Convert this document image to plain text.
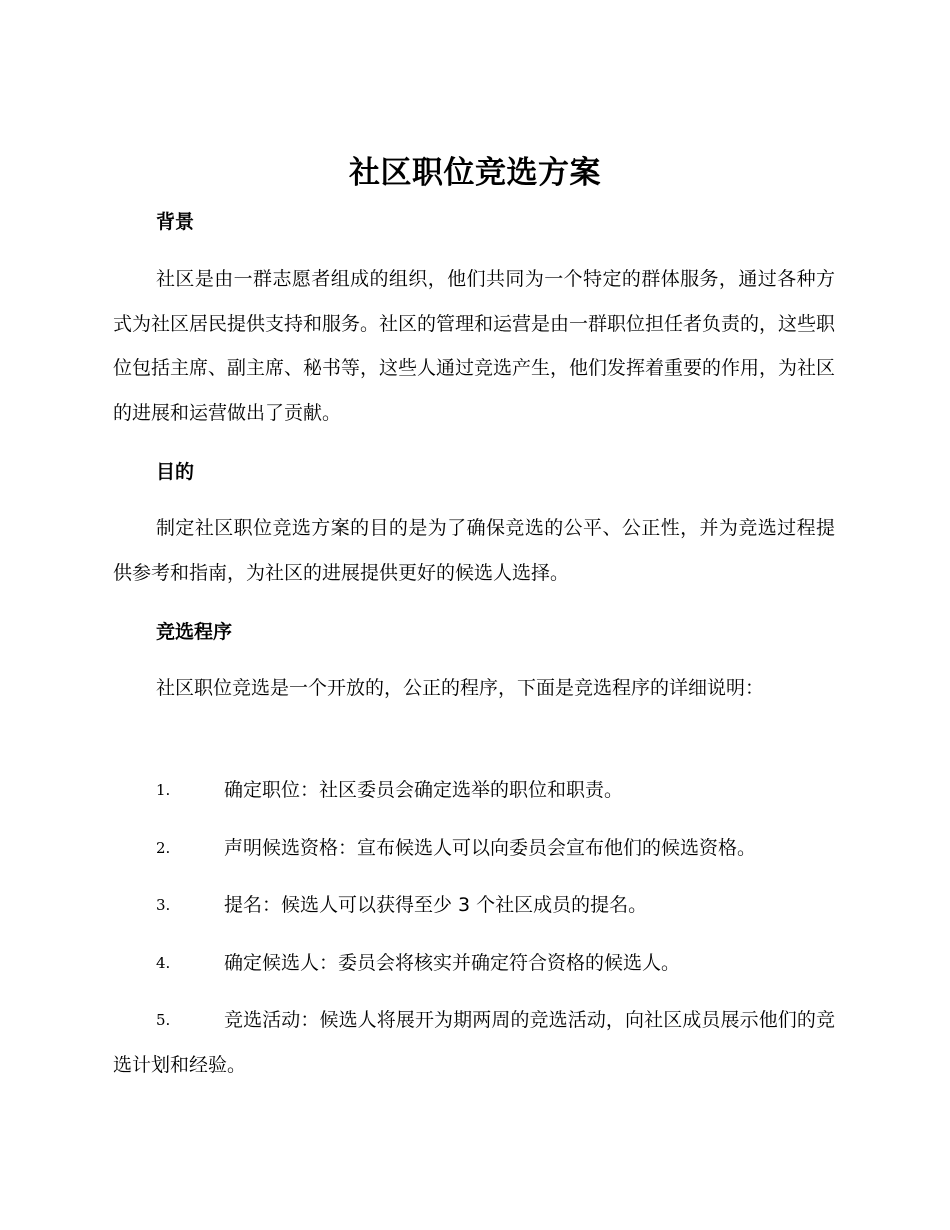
社区职位竞选方案
背景
社区是由一群志愿者组成的组织，他们共同为一个特定的群体服务，通过各种方式为社区居民提供支持和服务。社区的管理和运营是由一群职位担任者负责的，这些职位包括主席、副主席、秘书等，这些人通过竞选产生，他们发挥着重要的作用，为社区的进展和运营做出了贡献。
目的
制定社区职位竞选方案的目的是为了确保竞选的公平、公正性，并为竞选过程提供参考和指南，为社区的进展提供更好的候选人选择。
竞选程序
社区职位竞选是一个开放的，公正的程序，下面是竞选程序的详细说明：
1.	确定职位：社区委员会确定选举的职位和职责。
2.	声明候选资格：宣布候选人可以向委员会宣布他们的候选资格。
3.	提名：候选人可以获得至少 3 个社区成员的提名。
4.	确定候选人：委员会将核实并确定符合资格的候选人。
5.	竞选活动：候选人将展开为期两周的竞选活动，向社区成员展示他们的竞选计划和经验。
